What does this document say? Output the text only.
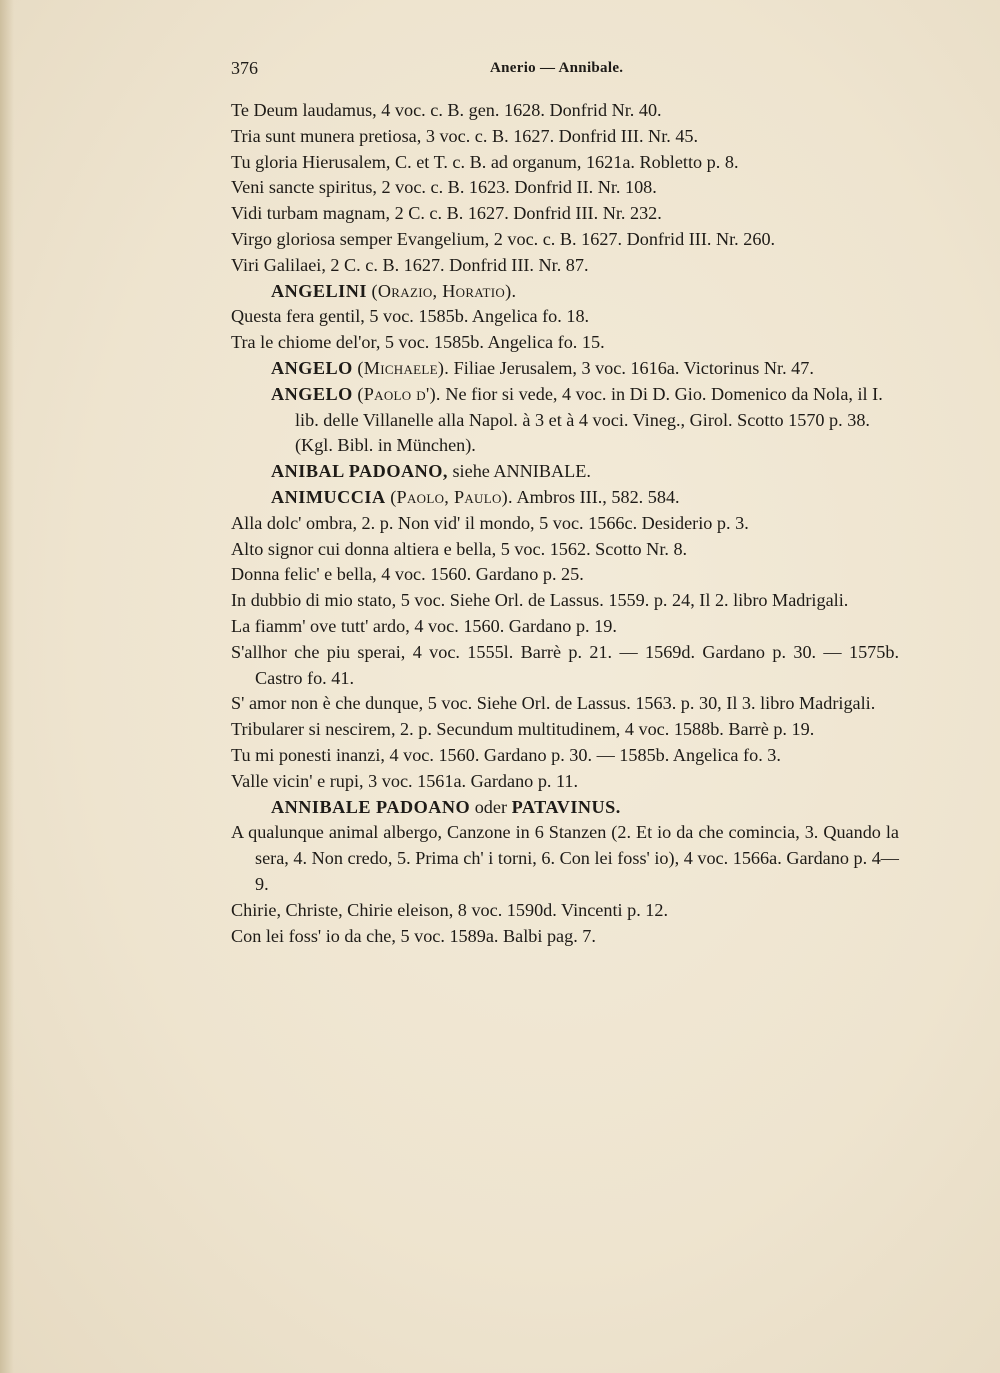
376	Anerio — Annibale.

Te Deum laudamus, 4 voc. c. B. gen. 1628. Donfrid Nr. 40.

Tria sunt munera pretiosa, 3 voc. c. B. 1627. Donfrid III. Nr. 45.

Tu gloria Hierusalem, C. et T. c. B. ad organum, 1621a. Robletto p. 8.

Veni sancte spiritus, 2 voc. c. B. 1623. Donfrid II. Nr. 108.

Vidi turbam magnam, 2 C. c. B. 1627. Donfrid III. Nr. 232.

Virgo gloriosa semper Evangelium, 2 voc. c. B. 1627. Donfrid III. Nr. 260.

Viri Galilaei, 2 C. c. B. 1627. Donfrid III. Nr. 87.

ANGELINI (Orazio, Horatio).

Questa fera gentil, 5 voc. 1585b. Angelica fo. 18.

Tra le chiome del'or, 5 voc. 1585b. Angelica fo. 15.

ANGELO (Michaele). Filiae Jerusalem, 3 voc. 1616a. Victorinus Nr. 47.

ANGELO (Paolo d'). Ne fior si vede, 4 voc. in Di D. Gio. Domenico da Nola, il I. lib. delle Villanelle alla Napol. à 3 et à 4 voci. Vineg., Girol. Scotto 1570 p. 38. (Kgl. Bibl. in München).

ANIBAL PADOANO, siehe ANNIBALE.

ANIMUCCIA (Paolo, Paulo). Ambros III., 582. 584.

Alla dolc' ombra, 2. p. Non vid' il mondo, 5 voc. 1566c. Desiderio p. 3.

Alto signor cui donna altiera e bella, 5 voc. 1562. Scotto Nr. 8.

Donna felic' e bella, 4 voc. 1560. Gardano p. 25.

In dubbio di mio stato, 5 voc. Siehe Orl. de Lassus. 1559. p. 24, Il 2. libro Madrigali.

La fiamm' ove tutt' ardo, 4 voc. 1560. Gardano p. 19.

S'allhor che piu sperai, 4 voc. 1555l. Barrè p. 21. — 1569d. Gardano p. 30. — 1575b. Castro fo. 41.

S' amor non è che dunque, 5 voc. Siehe Orl. de Lassus. 1563. p. 30, Il 3. libro Madrigali.

Tribularer si nescirem, 2. p. Secundum multitudinem, 4 voc. 1588b. Barrè p. 19.

Tu mi ponesti inanzi, 4 voc. 1560. Gardano p. 30. — 1585b. Angelica fo. 3.

Valle vicin' e rupi, 3 voc. 1561a. Gardano p. 11.

ANNIBALE PADOANO oder PATAVINUS.

A qualunque animal albergo, Canzone in 6 Stanzen (2. Et io da che comincia, 3. Quando la sera, 4. Non credo, 5. Prima ch' i torni, 6. Con lei foss' io), 4 voc. 1566a. Gardano p. 4—9.

Chirie, Christe, Chirie eleison, 8 voc. 1590d. Vincenti p. 12.

Con lei foss' io da che, 5 voc. 1589a. Balbi pag. 7.
